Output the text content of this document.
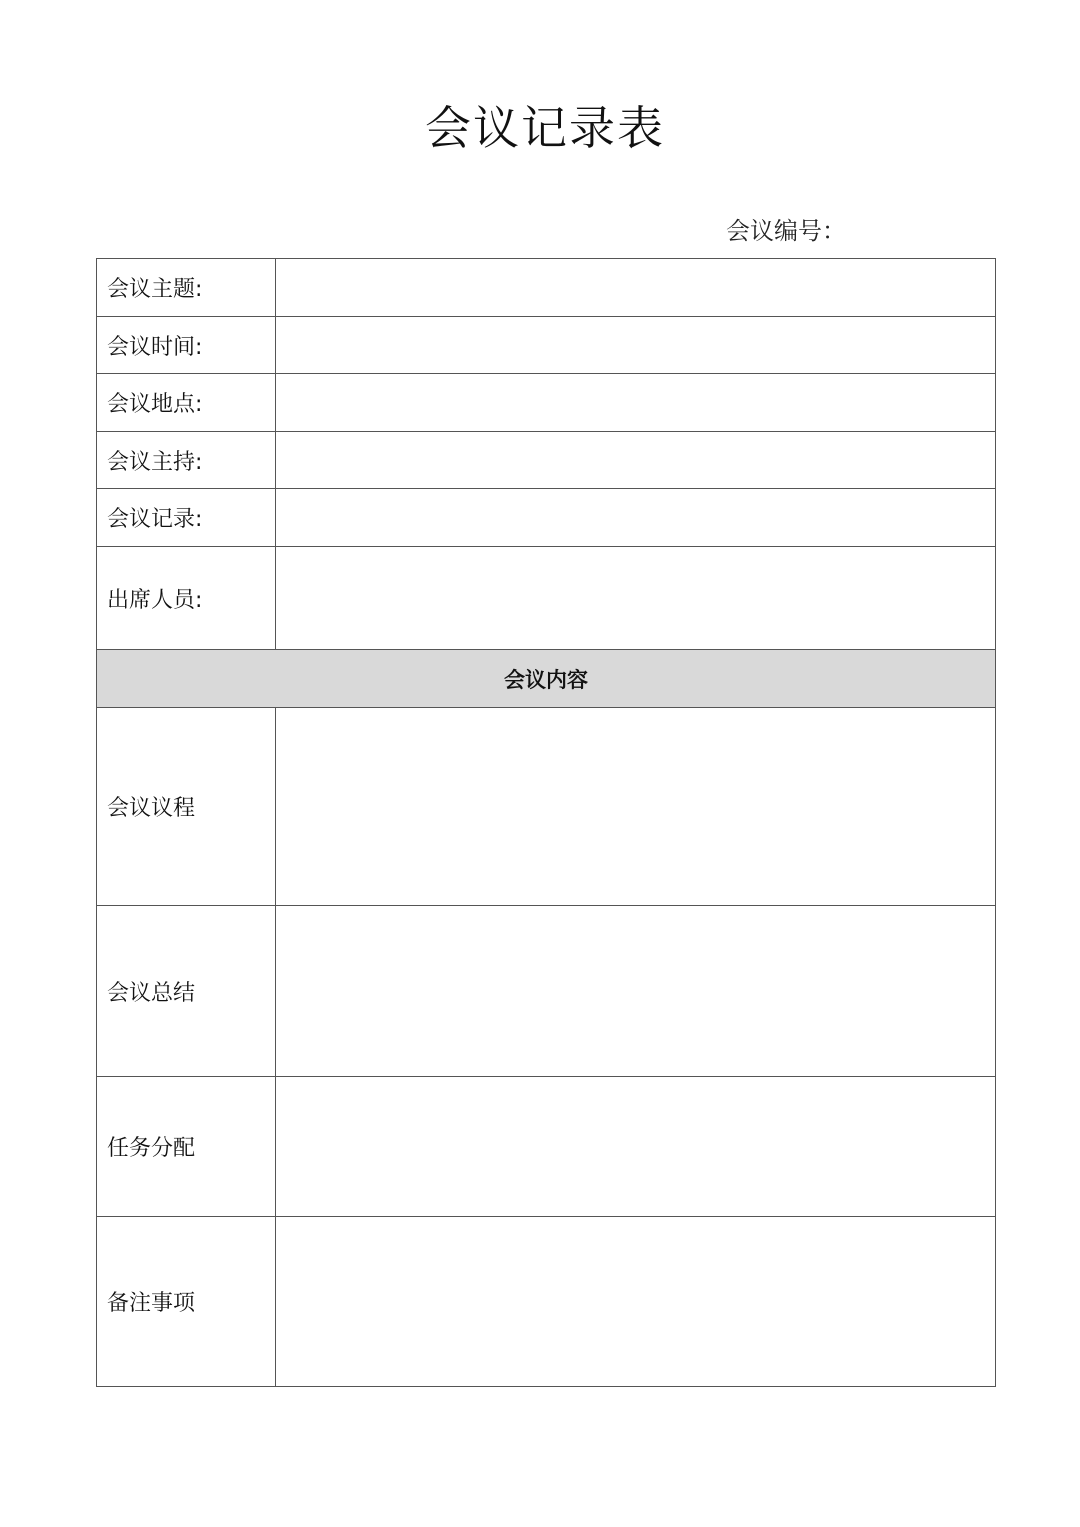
会议记录表
会议编号：
会议主题:	
会议时间:	
会议地点:	
会议主持:	
会议记录:	
出席人员:	
会议内容	
会议议程	
会议总结	
任务分配	
备注事项	
